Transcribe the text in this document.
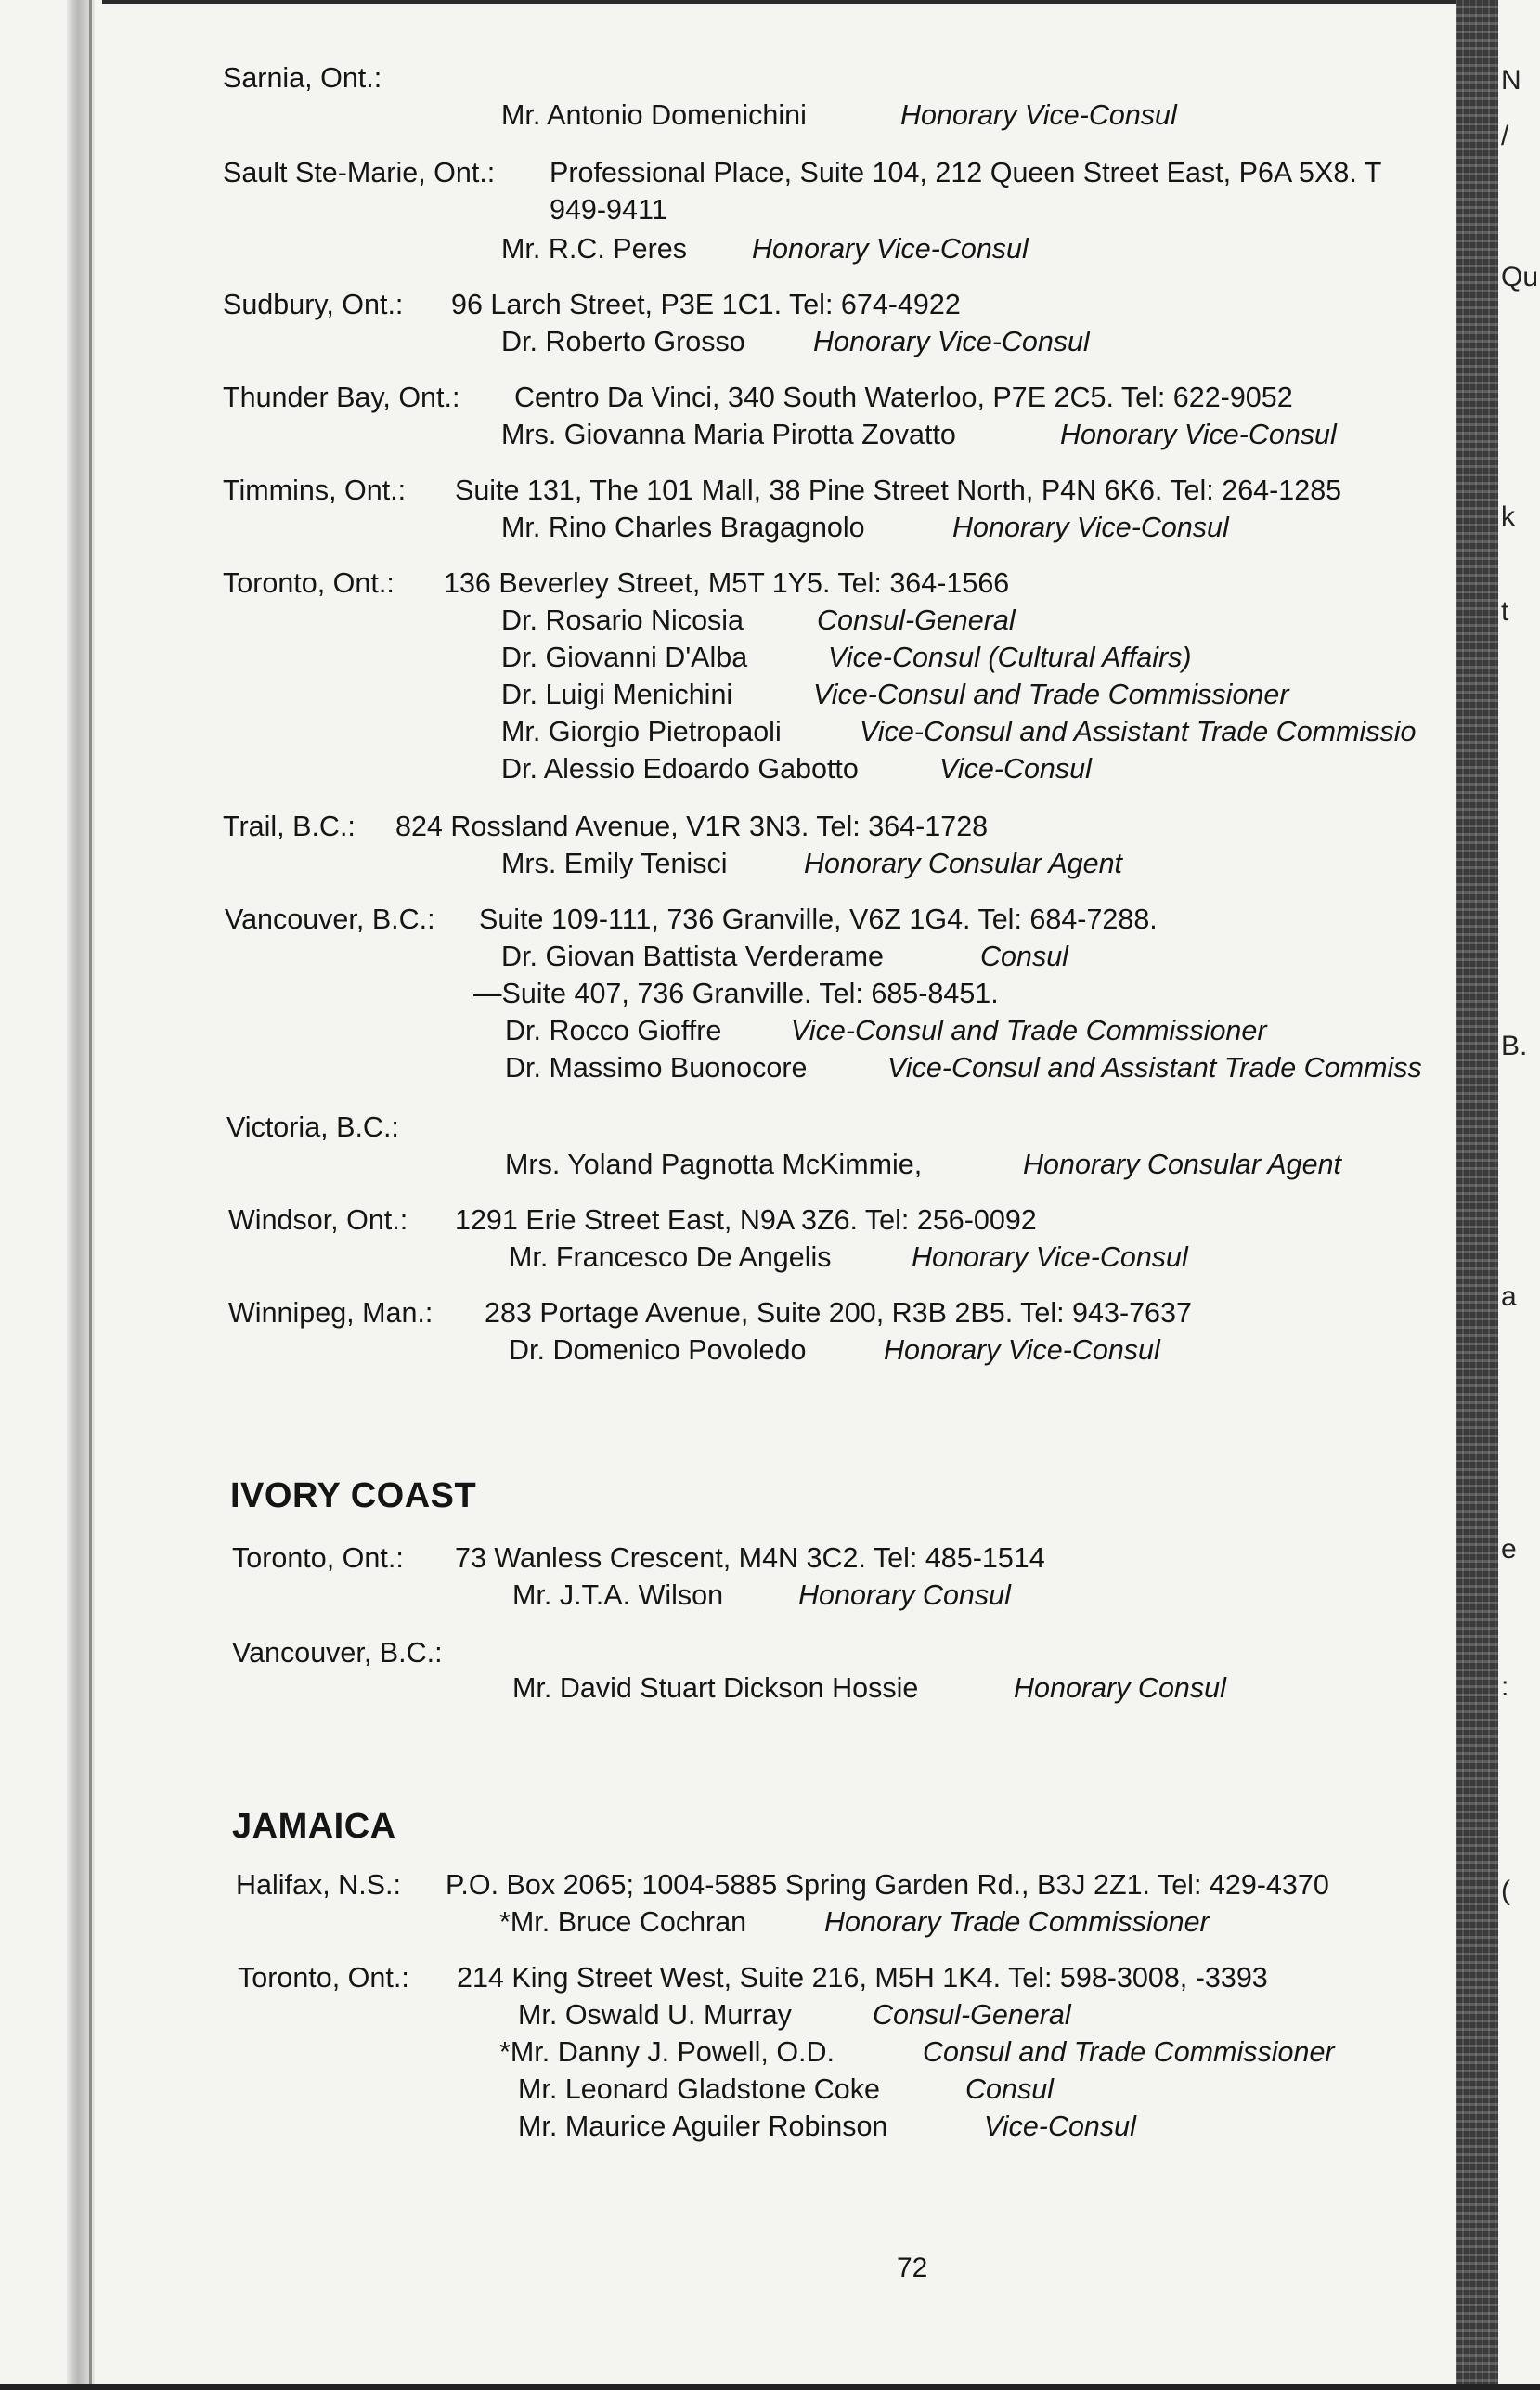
N
/
Qu
k
t
B.
a
e
:
(
IVORY COAST
JAMAICA
Sarnia, Ont.:
Mr. Antonio Domenichini	Honorary Vice-Consul
Sault Ste-Marie, Ont.: Professional Place, Suite 104, 212 Queen Street East, P6A 5X8. T
949-9411
Mr. R.C. Peres Honorary Vice-Consul
Sudbury, Ont.: 96 Larch Street, P3E 1C1. Tel: 674-4922
Dr. Roberto Grosso Honorary Vice-Consul
Thunder Bay, Ont.: Centro Da Vinci, 340 South Waterloo, P7E 2C5. Tel: 622-9052
Mrs. Giovanna Maria Pirotta Zovatto	Honorary Vice-Consul
Timmins, Ont.: Suite 131, The 101 Mall, 38 Pine Street North, P4N 6K6. Tel: 264-1285
Mr. Rino Charles Bragagnolo	Honorary Vice-Consul
Toronto, Ont.: 136 Beverley Street, M5T 1Y5. Tel: 364-1566
Dr. Rosario Nicosia	Consul-General
Dr. Giovanni D'Alba	Vice-Consul (Cultural Affairs)
Dr. Luigi Menichini	Vice-Consul and Trade Commissioner
Mr. Giorgio Pietropaoli	Vice-Consul and Assistant Trade Commissio
Dr. Alessio Edoardo Gabotto	Vice-Consul
Trail, B.C.: 824 Rossland Avenue, V1R 3N3. Tel: 364-1728
Mrs. Emily Tenisci	Honorary Consular Agent
Vancouver, B.C.: Suite 109-111, 736 Granville, V6Z 1G4. Tel: 684-7288.
Dr. Giovan Battista Verderame	Consul
—Suite 407, 736 Granville. Tel: 685-8451.
Dr. Rocco Gioffre Vice-Consul and Trade Commissioner
Dr. Massimo Buonocore	Vice-Consul and Assistant Trade Commiss
Victoria, B.C.:
Mrs. Yoland Pagnotta McKimmie,	Honorary Consular Agent
Windsor, Ont.: 1291 Erie Street East, N9A 3Z6. Tel: 256-0092
Mr. Francesco De Angelis	Honorary Vice-Consul
Winnipeg, Man.: 283 Portage Avenue, Suite 200, R3B 2B5. Tel: 943-7637
Dr. Domenico Povoledo	Honorary Vice-Consul
Toronto, Ont.: 73 Wanless Crescent, M4N 3C2. Tel: 485-1514
Mr. J.T.A. Wilson	Honorary Consul
Vancouver, B.C.:
Mr. David Stuart Dickson Hossie	Honorary Consul
Halifax, N.S.: P.O. Box 2065; 1004-5885 Spring Garden Rd., B3J 2Z1. Tel: 429-4370
*Mr. Bruce Cochran	Honorary Trade Commissioner
Toronto, Ont.: 214 King Street West, Suite 216, M5H 1K4. Tel: 598-3008, -3393
Mr. Oswald U. Murray	Consul-General
*Mr. Danny J. Powell, O.D.	Consul and Trade Commissioner
Mr. Leonard Gladstone Coke	Consul
Mr. Maurice Aguiler Robinson	Vice-Consul
72
